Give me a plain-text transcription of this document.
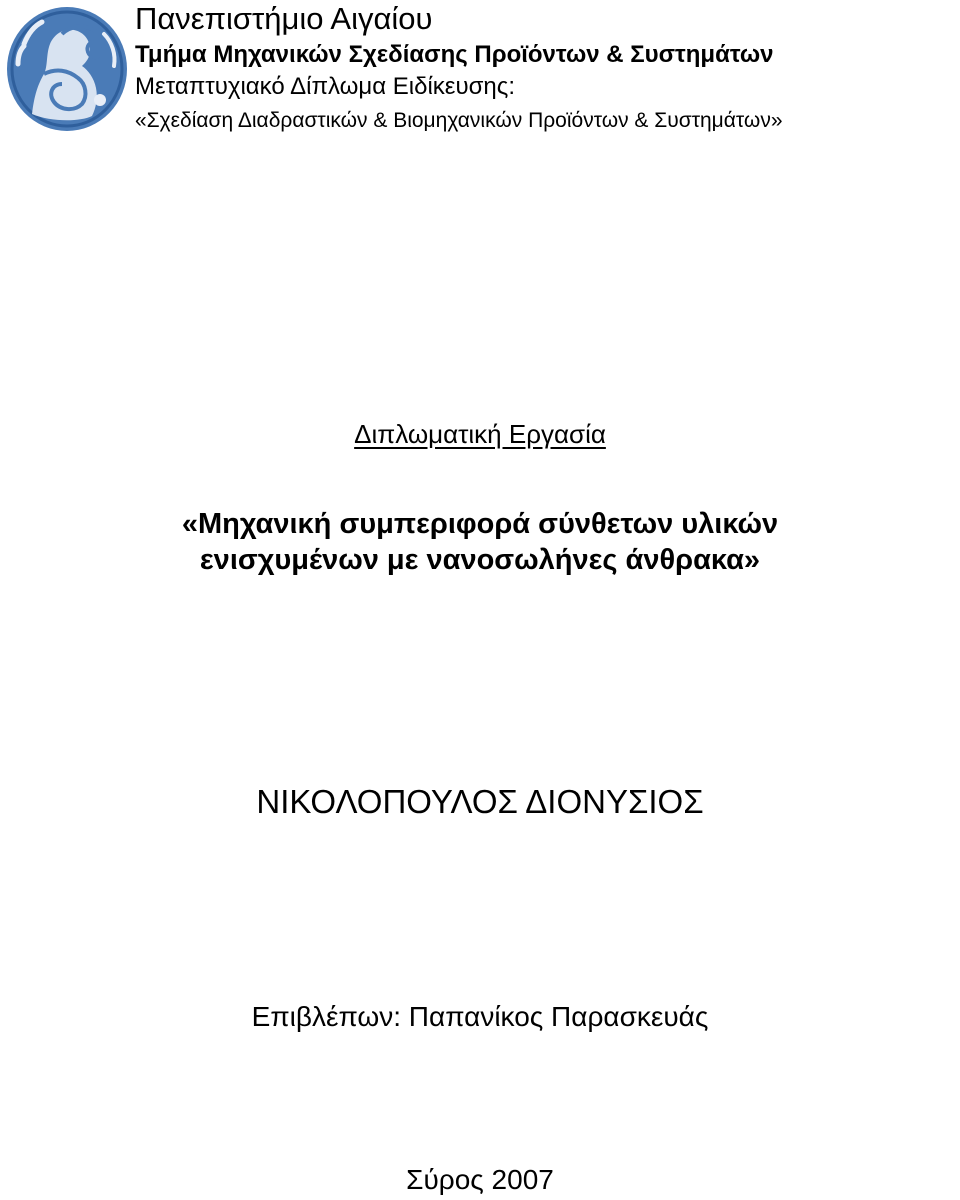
Πανεπιστήμιο Αιγαίου
Τμήμα Μηχανικών Σχεδίασης Προϊόντων & Συστημάτων
Μεταπτυχιακό Δίπλωμα Ειδίκευσης:
«Σχεδίαση Διαδραστικών & Βιομηχανικών Προϊόντων & Συστημάτων»
Διπλωματική Εργασία
«Μηχανική συμπεριφορά σύνθετων υλικών
ενισχυμένων με νανοσωλήνες άνθρακα»
ΝΙΚΟΛΟΠΟΥΛΟΣ ΔΙΟΝΥΣΙΟΣ
Επιβλέπων: Παπανίκος Παρασκευάς
Σύρος 2007
